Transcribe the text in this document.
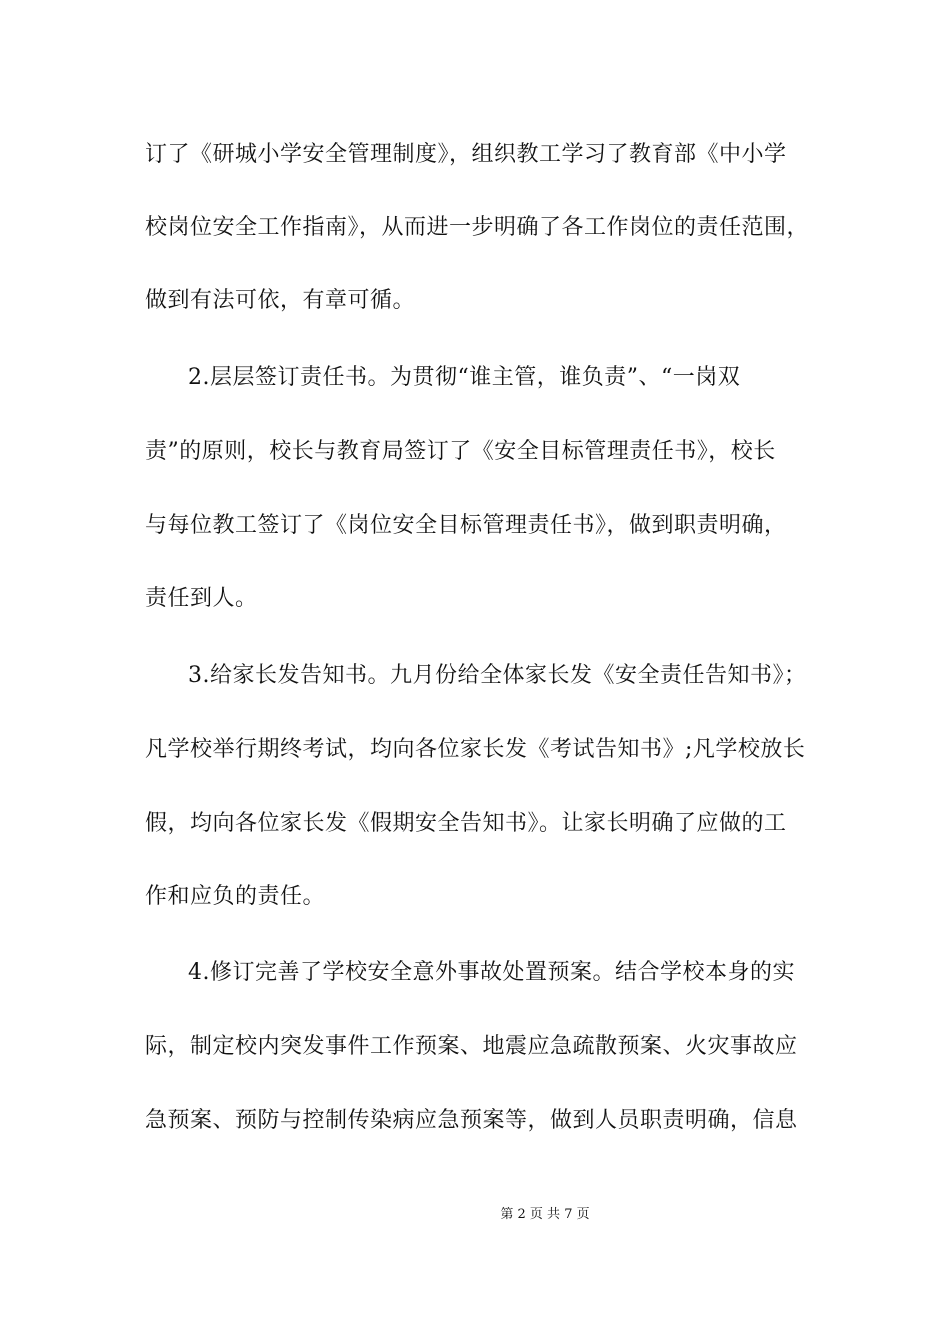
订了《研城小学安全管理制度》，组织教工学习了教育部《中小学
校岗位安全工作指南》，从而进一步明确了各工作岗位的责任范围，
做到有法可依，有章可循。
2.层层签订责任书。为贯彻“谁主管，谁负责”、“一岗双
责”的原则，校长与教育局签订了《安全目标管理责任书》，校长
与每位教工签订了《岗位安全目标管理责任书》，做到职责明确，
责任到人。
3.给家长发告知书。九月份给全体家长发《安全责任告知书》；
凡学校举行期终考试，均向各位家长发《考试告知书》;凡学校放长
假，均向各位家长发《假期安全告知书》。让家长明确了应做的工
作和应负的责任。
4.修订完善了学校安全意外事故处置预案。结合学校本身的实
际，制定校内突发事件工作预案、地震应急疏散预案、火灾事故应
急预案、预防与控制传染病应急预案等，做到人员职责明确，信息
第 2 页 共 7 页
